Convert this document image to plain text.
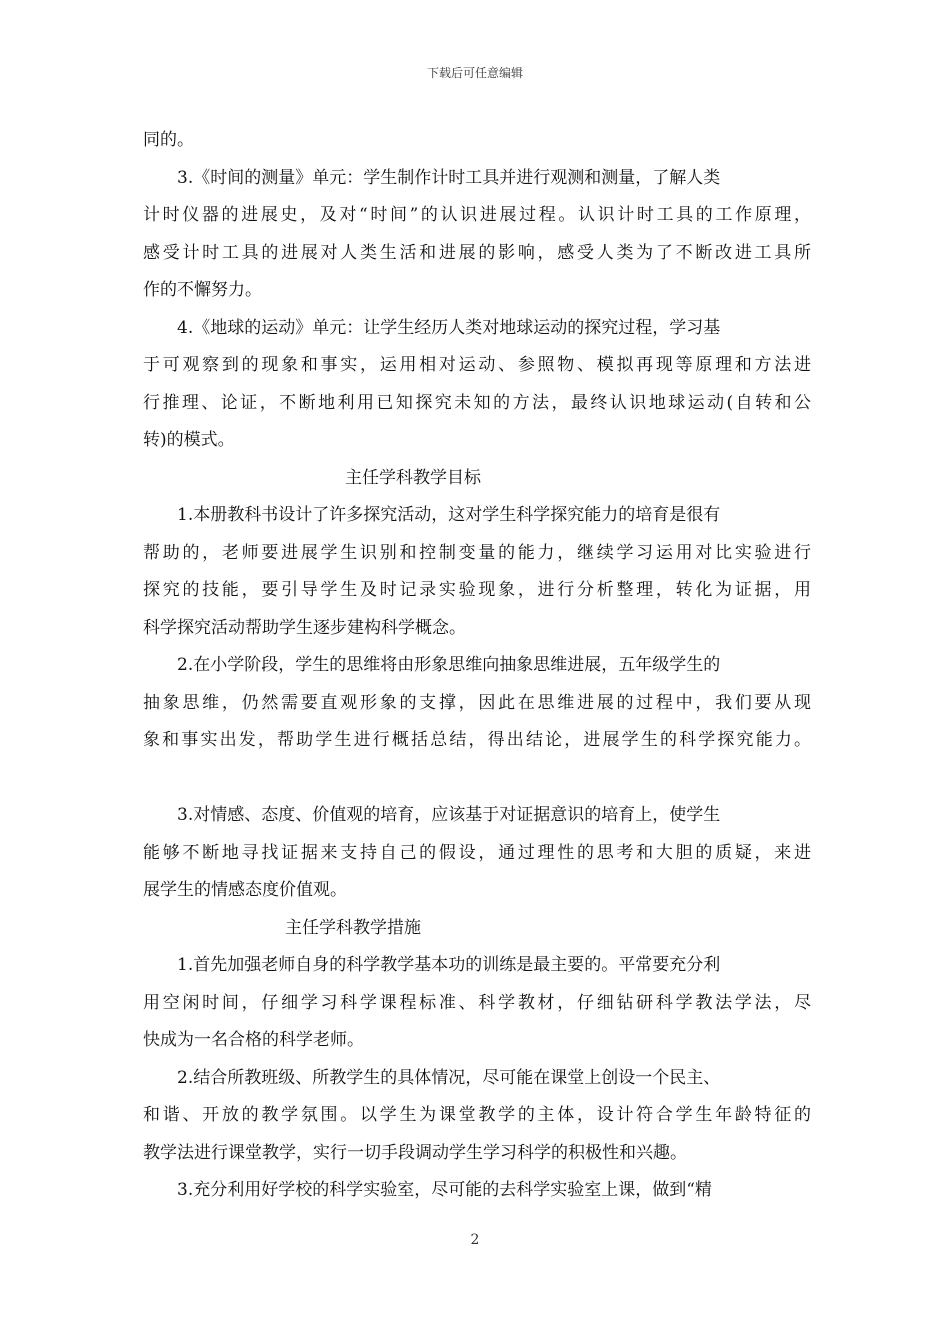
下载后可任意编辑
同的。
3.《时间的测量》单元：学生制作计时工具并进行观测和测量，了解人类
计时仪器的进展史，及对“时间”的认识进展过程。认识计时工具的工作原理，
感受计时工具的进展对人类生活和进展的影响，感受人类为了不断改进工具所
作的不懈努力。
4.《地球的运动》单元：让学生经历人类对地球运动的探究过程，学习基
于可观察到的现象和事实，运用相对运动、参照物、模拟再现等原理和方法进
行推理、论证，不断地利用已知探究未知的方法，最终认识地球运动(自转和公
转)的模式。
主任学科教学目标
1.本册教科书设计了许多探究活动，这对学生科学探究能力的培育是很有
帮助的，老师要进展学生识别和控制变量的能力，继续学习运用对比实验进行
探究的技能，要引导学生及时记录实验现象，进行分析整理，转化为证据，用
科学探究活动帮助学生逐步建构科学概念。
2.在小学阶段，学生的思维将由形象思维向抽象思维进展，五年级学生的
抽象思维，仍然需要直观形象的支撑，因此在思维进展的过程中，我们要从现
象和事实出发，帮助学生进行概括总结，得出结论，进展学生的科学探究能力。
3.对情感、态度、价值观的培育，应该基于对证据意识的培育上，使学生
能够不断地寻找证据来支持自己的假设，通过理性的思考和大胆的质疑，来进
展学生的情感态度价值观。
主任学科教学措施
1.首先加强老师自身的科学教学基本功的训练是最主要的。平常要充分利
用空闲时间，仔细学习科学课程标准、科学教材，仔细钻研科学教法学法，尽
快成为一名合格的科学老师。
2.结合所教班级、所教学生的具体情况，尽可能在课堂上创设一个民主、
和谐、开放的教学氛围。以学生为课堂教学的主体，设计符合学生年龄特征的
教学法进行课堂教学，实行一切手段调动学生学习科学的积极性和兴趣。
3.充分利用好学校的科学实验室，尽可能的去科学实验室上课，做到“精
2
